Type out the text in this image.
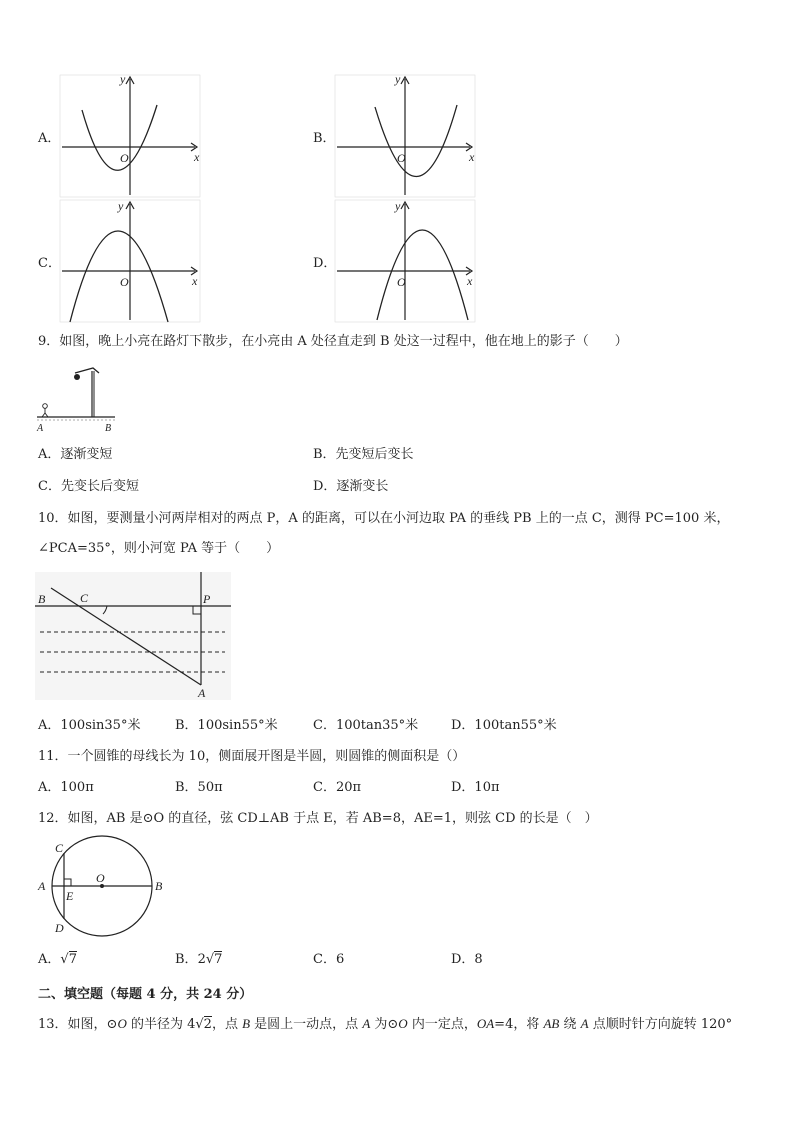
A．
y
O	x
B．
y
O	x
C．
y
O	x
D．
y
O	x
9．如图，晚上小亮在路灯下散步，在小亮由 A 处径直走到 B 处这一过程中，他在地上的影子（　　）
A	B
A．逐渐变短	B．先变短后变长
C．先变长后变短	D．逐渐变长
10．如图，要测量小河两岸相对的两点 P，A 的距离，可以在小河边取 PA 的垂线 PB 上的一点 C，测得 PC=100 米，
∠PCA=35°，则小河宽 PA 等于（　　）
B	C	P
A
A．100sin35°米	B．100sin55°米	C．100tan35°米	D．100tan55°米
11．一个圆锥的母线长为 10，侧面展开图是半圆，则圆锥的侧面积是（）
A．100π	B．50π	C．20π	D．10π
12．如图，AB 是⊙O 的直径，弦 CD⊥AB 于点 E，若 AB=8，AE=1，则弦 CD 的长是（　）
C
A
O
B
E
D
A．√7	B．2√7	C．6	D．8
二、填空题（每题 4 分，共 24 分）
13．如图，⊙O 的半径为 4√2，点 B 是圆上一动点，点 A 为⊙O 内一定点，OA=4，将 AB 绕 A 点顺时针方向旋转 120°
